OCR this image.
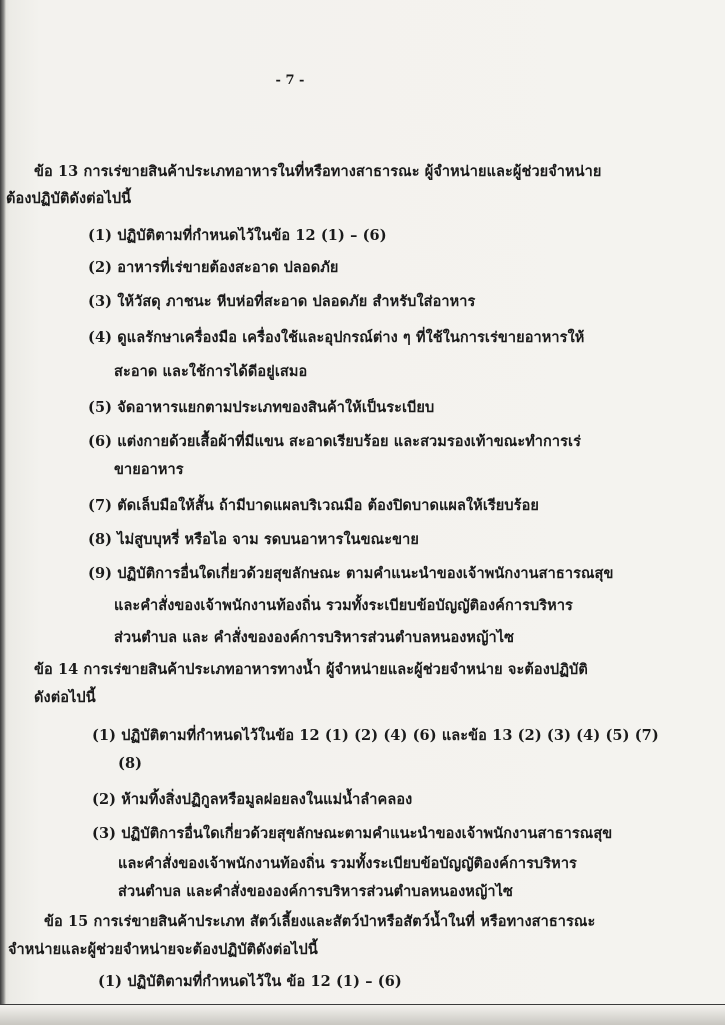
- 7 -
ข้อ 13 การเร่ขายสินค้าประเภทอาหารในที่หรือทางสาธารณะ ผู้จำหน่ายและผู้ช่วยจำหน่าย
ต้องปฏิบัติดังต่อไปนี้
(1) ปฏิบัติตามที่กำหนดไว้ในข้อ 12 (1) – (6)
(2) อาหารที่เร่ขายต้องสะอาด ปลอดภัย
(3) ให้วัสดุ ภาชนะ หีบห่อที่สะอาด ปลอดภัย สำหรับใส่อาหาร
(4) ดูแลรักษาเครื่องมือ เครื่องใช้และอุปกรณ์ต่าง ๆ ที่ใช้ในการเร่ขายอาหารให้
สะอาด และใช้การได้ดีอยู่เสมอ
(5) จัดอาหารแยกตามประเภทของสินค้าให้เป็นระเบียบ
(6) แต่งกายด้วยเสื้อผ้าที่มีแขน สะอาดเรียบร้อย และสวมรองเท้าขณะทำการเร่
ขายอาหาร
(7) ตัดเล็บมือให้สั้น ถ้ามีบาดแผลบริเวณมือ ต้องปิดบาดแผลให้เรียบร้อย
(8) ไม่สูบบุหรี่ หรือไอ จาม รดบนอาหารในขณะขาย
(9) ปฏิบัติการอื่นใดเกี่ยวด้วยสุขลักษณะ ตามคำแนะนำของเจ้าพนักงานสาธารณสุข
และคำสั่งของเจ้าพนักงานท้องถิ่น รวมทั้งระเบียบข้อบัญญัติองค์การบริหาร
ส่วนตำบล และ คำสั่งขององค์การบริหารส่วนตำบลหนองหญ้าไซ
ข้อ 14 การเร่ขายสินค้าประเภทอาหารทางน้ำ ผู้จำหน่ายและผู้ช่วยจำหน่าย จะต้องปฏิบัติ
ดังต่อไปนี้
(1) ปฏิบัติตามที่กำหนดไว้ในข้อ 12 (1) (2) (4) (6) และข้อ 13 (2) (3) (4) (5) (7)
(8)
(2) ห้ามทิ้งสิ่งปฏิกูลหรือมูลฝอยลงในแม่น้ำลำคลอง
(3) ปฏิบัติการอื่นใดเกี่ยวด้วยสุขลักษณะตามคำแนะนำของเจ้าพนักงานสาธารณสุข
และคำสั่งของเจ้าพนักงานท้องถิ่น รวมทั้งระเบียบข้อบัญญัติองค์การบริหาร
ส่วนตำบล และคำสั่งขององค์การบริหารส่วนตำบลหนองหญ้าไซ
ข้อ 15 การเร่ขายสินค้าประเภท สัตว์เลี้ยงและสัตว์ป่าหรือสัตว์น้ำในที่ หรือทางสาธารณะ
จำหน่ายและผู้ช่วยจำหน่ายจะต้องปฏิบัติดังต่อไปนี้
(1) ปฏิบัติตามที่กำหนดไว้ใน ข้อ 12 (1) – (6)
